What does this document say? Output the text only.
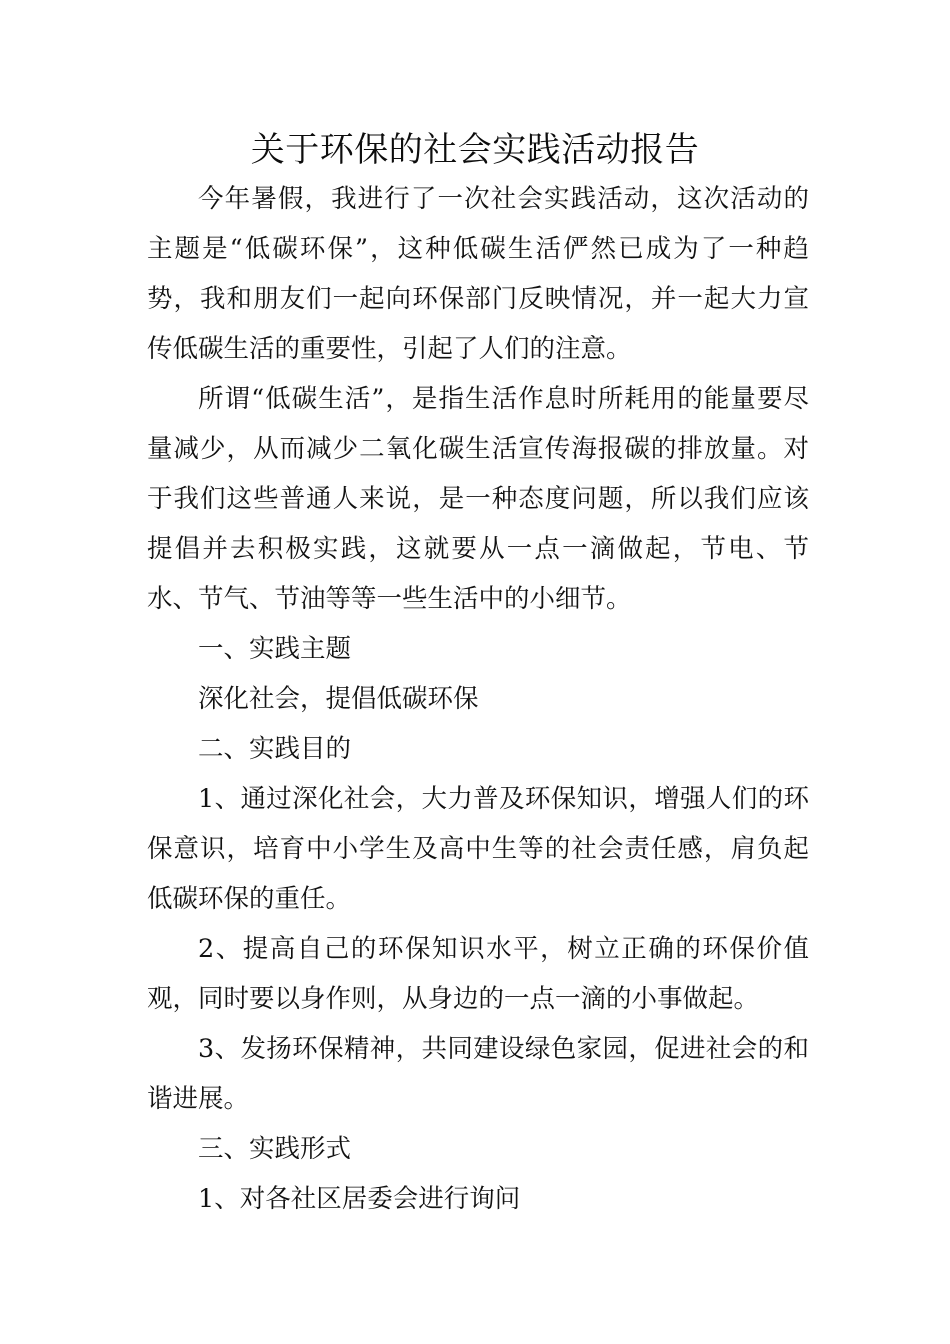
关于环保的社会实践活动报告

今年暑假，我进行了一次社会实践活动，这次活动的主题是“低碳环保”，这种低碳生活俨然已成为了一种趋势，我和朋友们一起向环保部门反映情况，并一起大力宣传低碳生活的重要性，引起了人们的注意。

所谓“低碳生活”，是指生活作息时所耗用的能量要尽量减少，从而减少二氧化碳生活宣传海报碳的排放量。对于我们这些普通人来说，是一种态度问题，所以我们应该提倡并去积极实践，这就要从一点一滴做起，节电、节水、节气、节油等等一些生活中的小细节。

一、实践主题

深化社会，提倡低碳环保

二、实践目的

1、通过深化社会，大力普及环保知识，增强人们的环保意识，培育中小学生及高中生等的社会责任感，肩负起低碳环保的重任。

2、提高自己的环保知识水平，树立正确的环保价值观，同时要以身作则，从身边的一点一滴的小事做起。

3、发扬环保精神，共同建设绿色家园，促进社会的和谐进展。

三、实践形式

1、对各社区居委会进行询问
